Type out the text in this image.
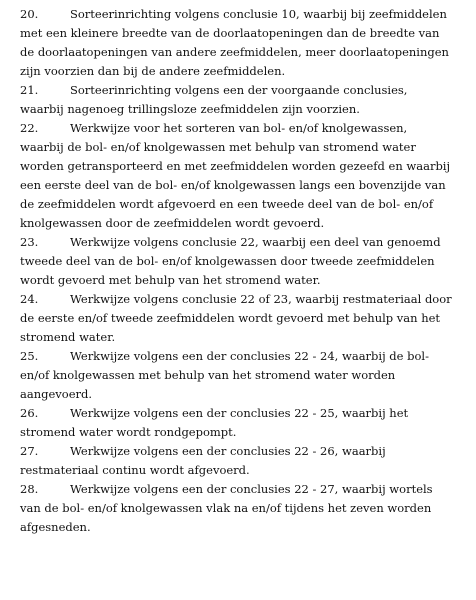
20.	Sorteerinrichting volgens conclusie 10, waarbij bij zeefmiddelen met een kleinere breedte van de doorlaatopeningen dan de breedte van de doorlaatopeningen van andere zeefmiddelen, meer doorlaatopeningen zijn voorzien dan bij de andere zeefmiddelen.

21.	Sorteerinrichting volgens een der voorgaande conclusies, waarbij nagenoeg trillingsloze zeefmiddelen zijn voorzien.

22.	Werkwijze voor het sorteren van bol- en/of knolgewassen, waarbij de bol- en/of knolgewassen met behulp van stromend water worden getransporteerd en met zeefmiddelen worden gezeefd en waarbij een eerste deel van de bol- en/of knolgewassen langs een bovenzijde van de zeefmiddelen wordt afgevoerd en een tweede deel van de bol- en/of knolgewassen door de zeefmiddelen wordt gevoerd.

23.	Werkwijze volgens conclusie 22, waarbij een deel van genoemd tweede deel van de bol- en/of knolgewassen door tweede zeefmiddelen wordt gevoerd met behulp van het stromend water.

24.	Werkwijze volgens conclusie 22 of 23, waarbij restmateriaal door de eerste en/of tweede zeefmiddelen wordt gevoerd met behulp van het stromend water.

25.	Werkwijze volgens een der conclusies 22 - 24, waarbij de bol- en/of knolgewassen met behulp van het stromend water worden aangevoerd.

26.	Werkwijze volgens een der conclusies 22 - 25, waarbij het stromend water wordt rondgepompt.

27.	Werkwijze volgens een der conclusies 22 - 26, waarbij restmateriaal continu wordt afgevoerd.

28.	Werkwijze volgens een der conclusies 22 - 27, waarbij wortels van de bol- en/of knolgewassen vlak na en/of tijdens het zeven worden afgesneden.
